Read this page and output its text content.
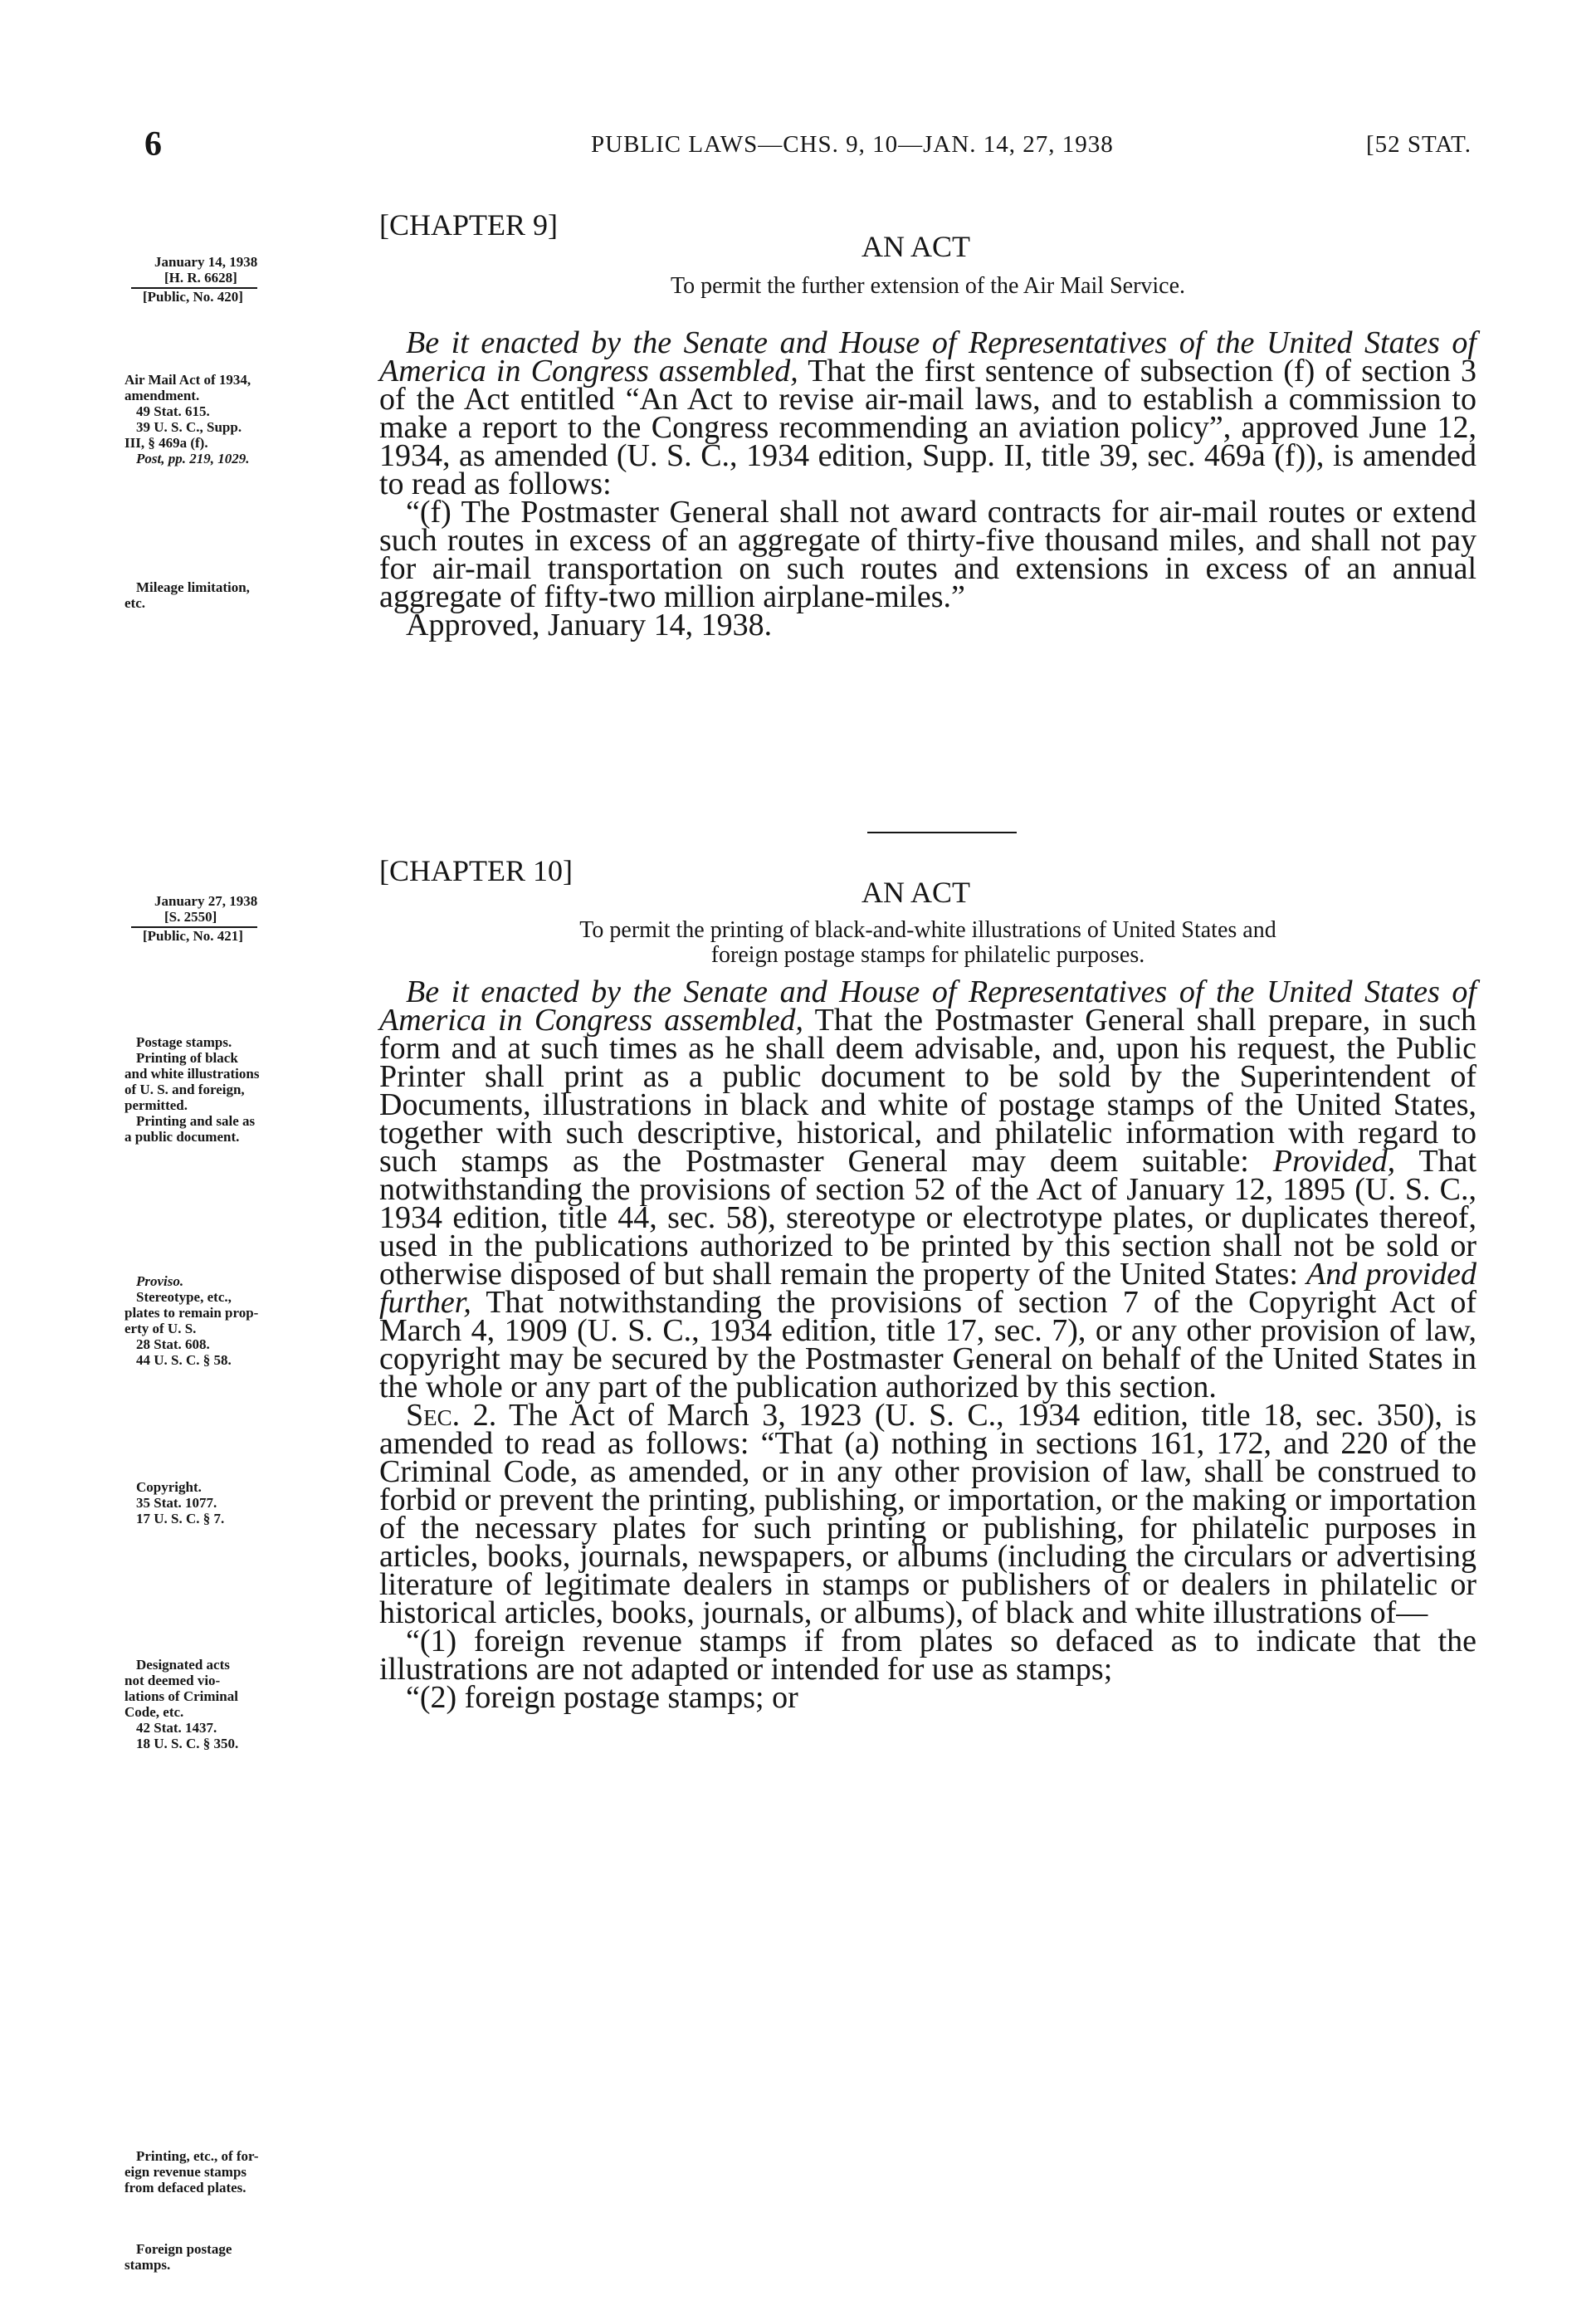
6	PUBLIC LAWS—CHS. 9, 10—JAN. 14, 27, 1938	[52 STAT.
[CHAPTER 9]
AN ACT
To permit the further extension of the Air Mail Service.

January 14, 1938

[H. R. 6628]

[Public, No. 420]

Air Mail Act of 1934,

amendment.

49 Stat. 615.

39 U. S. C., Supp.

III, § 469a (f).

Post, pp. 219, 1029.

Mileage limitation,

etc.

Be it enacted by the Senate and House of Representatives of the United States of America in Congress assembled, That the first sentence of subsection (f) of section 3 of the Act entitled “An Act to revise air-mail laws, and to establish a commission to make a report to the Congress recommending an aviation policy”, approved June 12, 1934, as amended (U. S. C., 1934 edition, Supp. II, title 39, sec. 469a (f)), is amended to read as follows:

“(f) The Postmaster General shall not award contracts for air-mail routes or extend such routes in excess of an aggregate of thirty-five thousand miles, and shall not pay for air-mail transportation on such routes and extensions in excess of an annual aggregate of fifty-two million airplane-miles.”

Approved, January 14, 1938.

[CHAPTER 10]
AN ACT
To permit the printing of black-and-white illustrations of United States and
foreign postage stamps for philatelic purposes.

January 27, 1938

[S. 2550]

[Public, No. 421]

Postage stamps.

Printing of black

and white illustrations

of U. S. and foreign,

permitted.

Printing and sale as

a public document.

Proviso.

Stereotype, etc.,

plates to remain prop-

erty of U. S.

28 Stat. 608.

44 U. S. C. § 58.

Copyright.

35 Stat. 1077.

17 U. S. C. § 7.

Designated acts

not deemed vio-

lations of Criminal

Code, etc.

42 Stat. 1437.

18 U. S. C. § 350.

Printing, etc., of for-

eign revenue stamps

from defaced plates.

Foreign postage

stamps.

Be it enacted by the Senate and House of Representatives of the United States of America in Congress assembled, That the Postmaster General shall prepare, in such form and at such times as he shall deem advisable, and, upon his request, the Public Printer shall print as a public document to be sold by the Superintendent of Documents, illustrations in black and white of postage stamps of the United States, together with such descriptive, historical, and philatelic information with regard to such stamps as the Postmaster General may deem suitable: Provided, That notwithstanding the provisions of section 52 of the Act of January 12, 1895 (U. S. C., 1934 edition, title 44, sec. 58), stereotype or electrotype plates, or duplicates thereof, used in the publications authorized to be printed by this section shall not be sold or otherwise disposed of but shall remain the property of the United States: And provided further, That notwithstanding the provisions of section 7 of the Copyright Act of March 4, 1909 (U. S. C., 1934 edition, title 17, sec. 7), or any other provision of law, copyright may be secured by the Postmaster General on behalf of the United States in the whole or any part of the publication authorized by this section.

Sec. 2. The Act of March 3, 1923 (U. S. C., 1934 edition, title 18, sec. 350), is amended to read as follows: “That (a) nothing in sections 161, 172, and 220 of the Criminal Code, as amended, or in any other provision of law, shall be construed to forbid or prevent the printing, publishing, or importation, or the making or importation of the necessary plates for such printing or publishing, for philatelic purposes in articles, books, journals, newspapers, or albums (including the circulars or advertising literature of legitimate dealers in stamps or publishers of or dealers in philatelic or historical articles, books, journals, or albums), of black and white illustrations of—

“(1) foreign revenue stamps if from plates so defaced as to indicate that the illustrations are not adapted or intended for use as stamps;

“(2) foreign postage stamps; or
